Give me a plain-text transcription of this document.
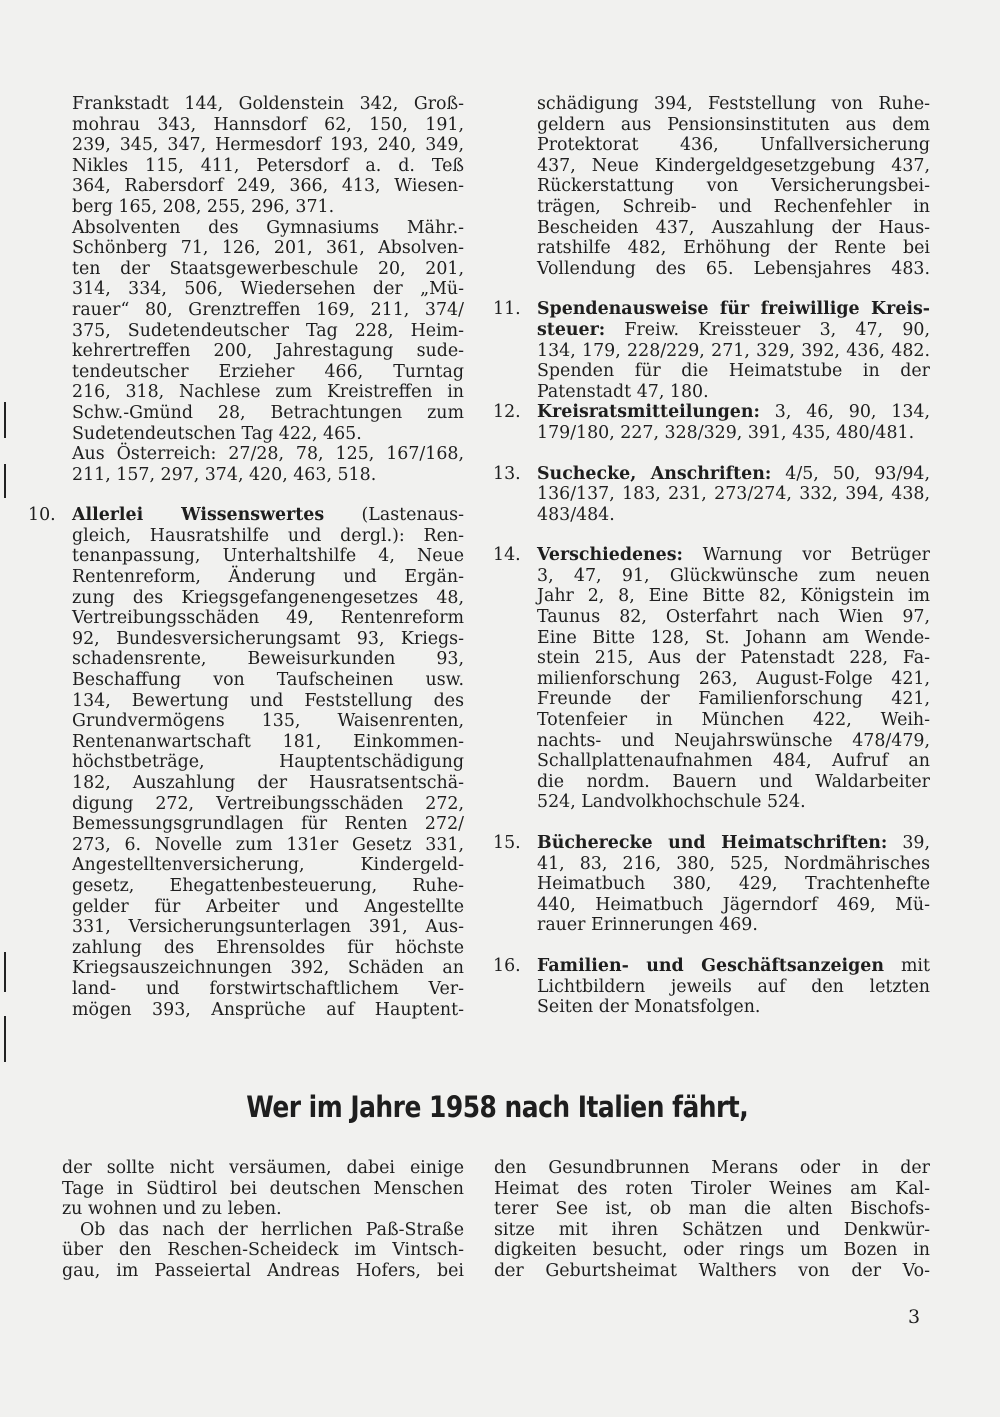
Frankstadt 144, Goldenstein 342, Groß-
mohrau 343, Hannsdorf 62, 150, 191,
239, 345, 347, Hermesdorf 193, 240, 349,
Nikles 115, 411, Petersdorf a. d. Teß
364, Rabersdorf 249, 366, 413, Wiesen-
berg 165, 208, 255, 296, 371.
Absolventen des Gymnasiums Mähr.-
Schönberg 71, 126, 201, 361, Absolven-
ten der Staatsgewerbeschule 20, 201,
314, 334, 506, Wiedersehen der „Mü-
rauer“ 80, Grenztreffen 169, 211, 374/
375, Sudetendeutscher Tag 228, Heim-
kehrertreffen 200, Jahrestagung sude-
tendeutscher Erzieher 466, Turntag
216, 318, Nachlese zum Kreistreffen in
Schw.-Gmünd 28, Betrachtungen zum
Sudetendeutschen Tag 422, 465.
Aus Österreich: 27/28, 78, 125, 167/168,
211, 157, 297, 374, 420, 463, 518.
10. Allerlei Wissenswertes (Lastenaus-
gleich, Hausratshilfe und dergl.): Ren-
tenanpassung, Unterhaltshilfe 4, Neue
Rentenreform, Änderung und Ergän-
zung des Kriegsgefangenengesetzes 48,
Vertreibungsschäden 49, Rentenreform
92, Bundesversicherungsamt 93, Kriegs-
schadensrente, Beweisurkunden 93,
Beschaffung von Taufscheinen usw.
134, Bewertung und Feststellung des
Grundvermögens 135, Waisenrenten,
Rentenanwartschaft 181, Einkommen-
höchstbeträge, Hauptentschädigung
182, Auszahlung der Hausratsentschä-
digung 272, Vertreibungsschäden 272,
Bemessungsgrundlagen für Renten 272/
273, 6. Novelle zum 131er Gesetz 331,
Angestelltenversicherung, Kindergeld-
gesetz, Ehegattenbesteuerung, Ruhe-
gelder für Arbeiter und Angestellte
331, Versicherungsunterlagen 391, Aus-
zahlung des Ehrensoldes für höchste
Kriegsauszeichnungen 392, Schäden an
land- und forstwirtschaftlichem Ver-
mögen 393, Ansprüche auf Hauptent-
schädigung 394, Feststellung von Ruhe-
geldern aus Pensionsinstituten aus dem
Protektorat 436, Unfallversicherung
437, Neue Kindergeldgesetzgebung 437,
Rückerstattung von Versicherungsbei-
trägen, Schreib- und Rechenfehler in
Bescheiden 437, Auszahlung der Haus-
ratshilfe 482, Erhöhung der Rente bei
Vollendung des 65. Lebensjahres 483.
11. Spendenausweise für freiwillige Kreis-
steuer: Freiw. Kreissteuer 3, 47, 90,
134, 179, 228/229, 271, 329, 392, 436, 482.
Spenden für die Heimatstube in der
Patenstadt 47, 180.
12. Kreisratsmitteilungen: 3, 46, 90, 134,
179/180, 227, 328/329, 391, 435, 480/481.
13. Suchecke, Anschriften: 4/5, 50, 93/94,
136/137, 183, 231, 273/274, 332, 394, 438,
483/484.
14. Verschiedenes: Warnung vor Betrüger
3, 47, 91, Glückwünsche zum neuen
Jahr 2, 8, Eine Bitte 82, Königstein im
Taunus 82, Osterfahrt nach Wien 97,
Eine Bitte 128, St. Johann am Wende-
stein 215, Aus der Patenstadt 228, Fa-
milienforschung 263, August-Folge 421,
Freunde der Familienforschung 421,
Totenfeier in München 422, Weih-
nachts- und Neujahrswünsche 478/479,
Schallplattenaufnahmen 484, Aufruf an
die nordm. Bauern und Waldarbeiter
524, Landvolkhochschule 524.
15. Bücherecke und Heimatschriften: 39,
41, 83, 216, 380, 525, Nordmährisches
Heimatbuch 380, 429, Trachtenhefte
440, Heimatbuch Jägerndorf 469, Mü-
rauer Erinnerungen 469.
16. Familien- und Geschäftsanzeigen mit
Lichtbildern jeweils auf den letzten
Seiten der Monatsfolgen.
Wer im Jahre 1958 nach Italien fährt,
der sollte nicht versäumen, dabei einige
Tage in Südtirol bei deutschen Menschen
zu wohnen und zu leben.
Ob das nach der herrlichen Paß-Straße
über den Reschen-Scheideck im Vintsch-
gau, im Passeiertal Andreas Hofers, bei
den Gesundbrunnen Merans oder in der
Heimat des roten Tiroler Weines am Kal-
terer See ist, ob man die alten Bischofs-
sitze mit ihren Schätzen und Denkwür-
digkeiten besucht, oder rings um Bozen in
der Geburtsheimat Walthers von der Vo-
3
